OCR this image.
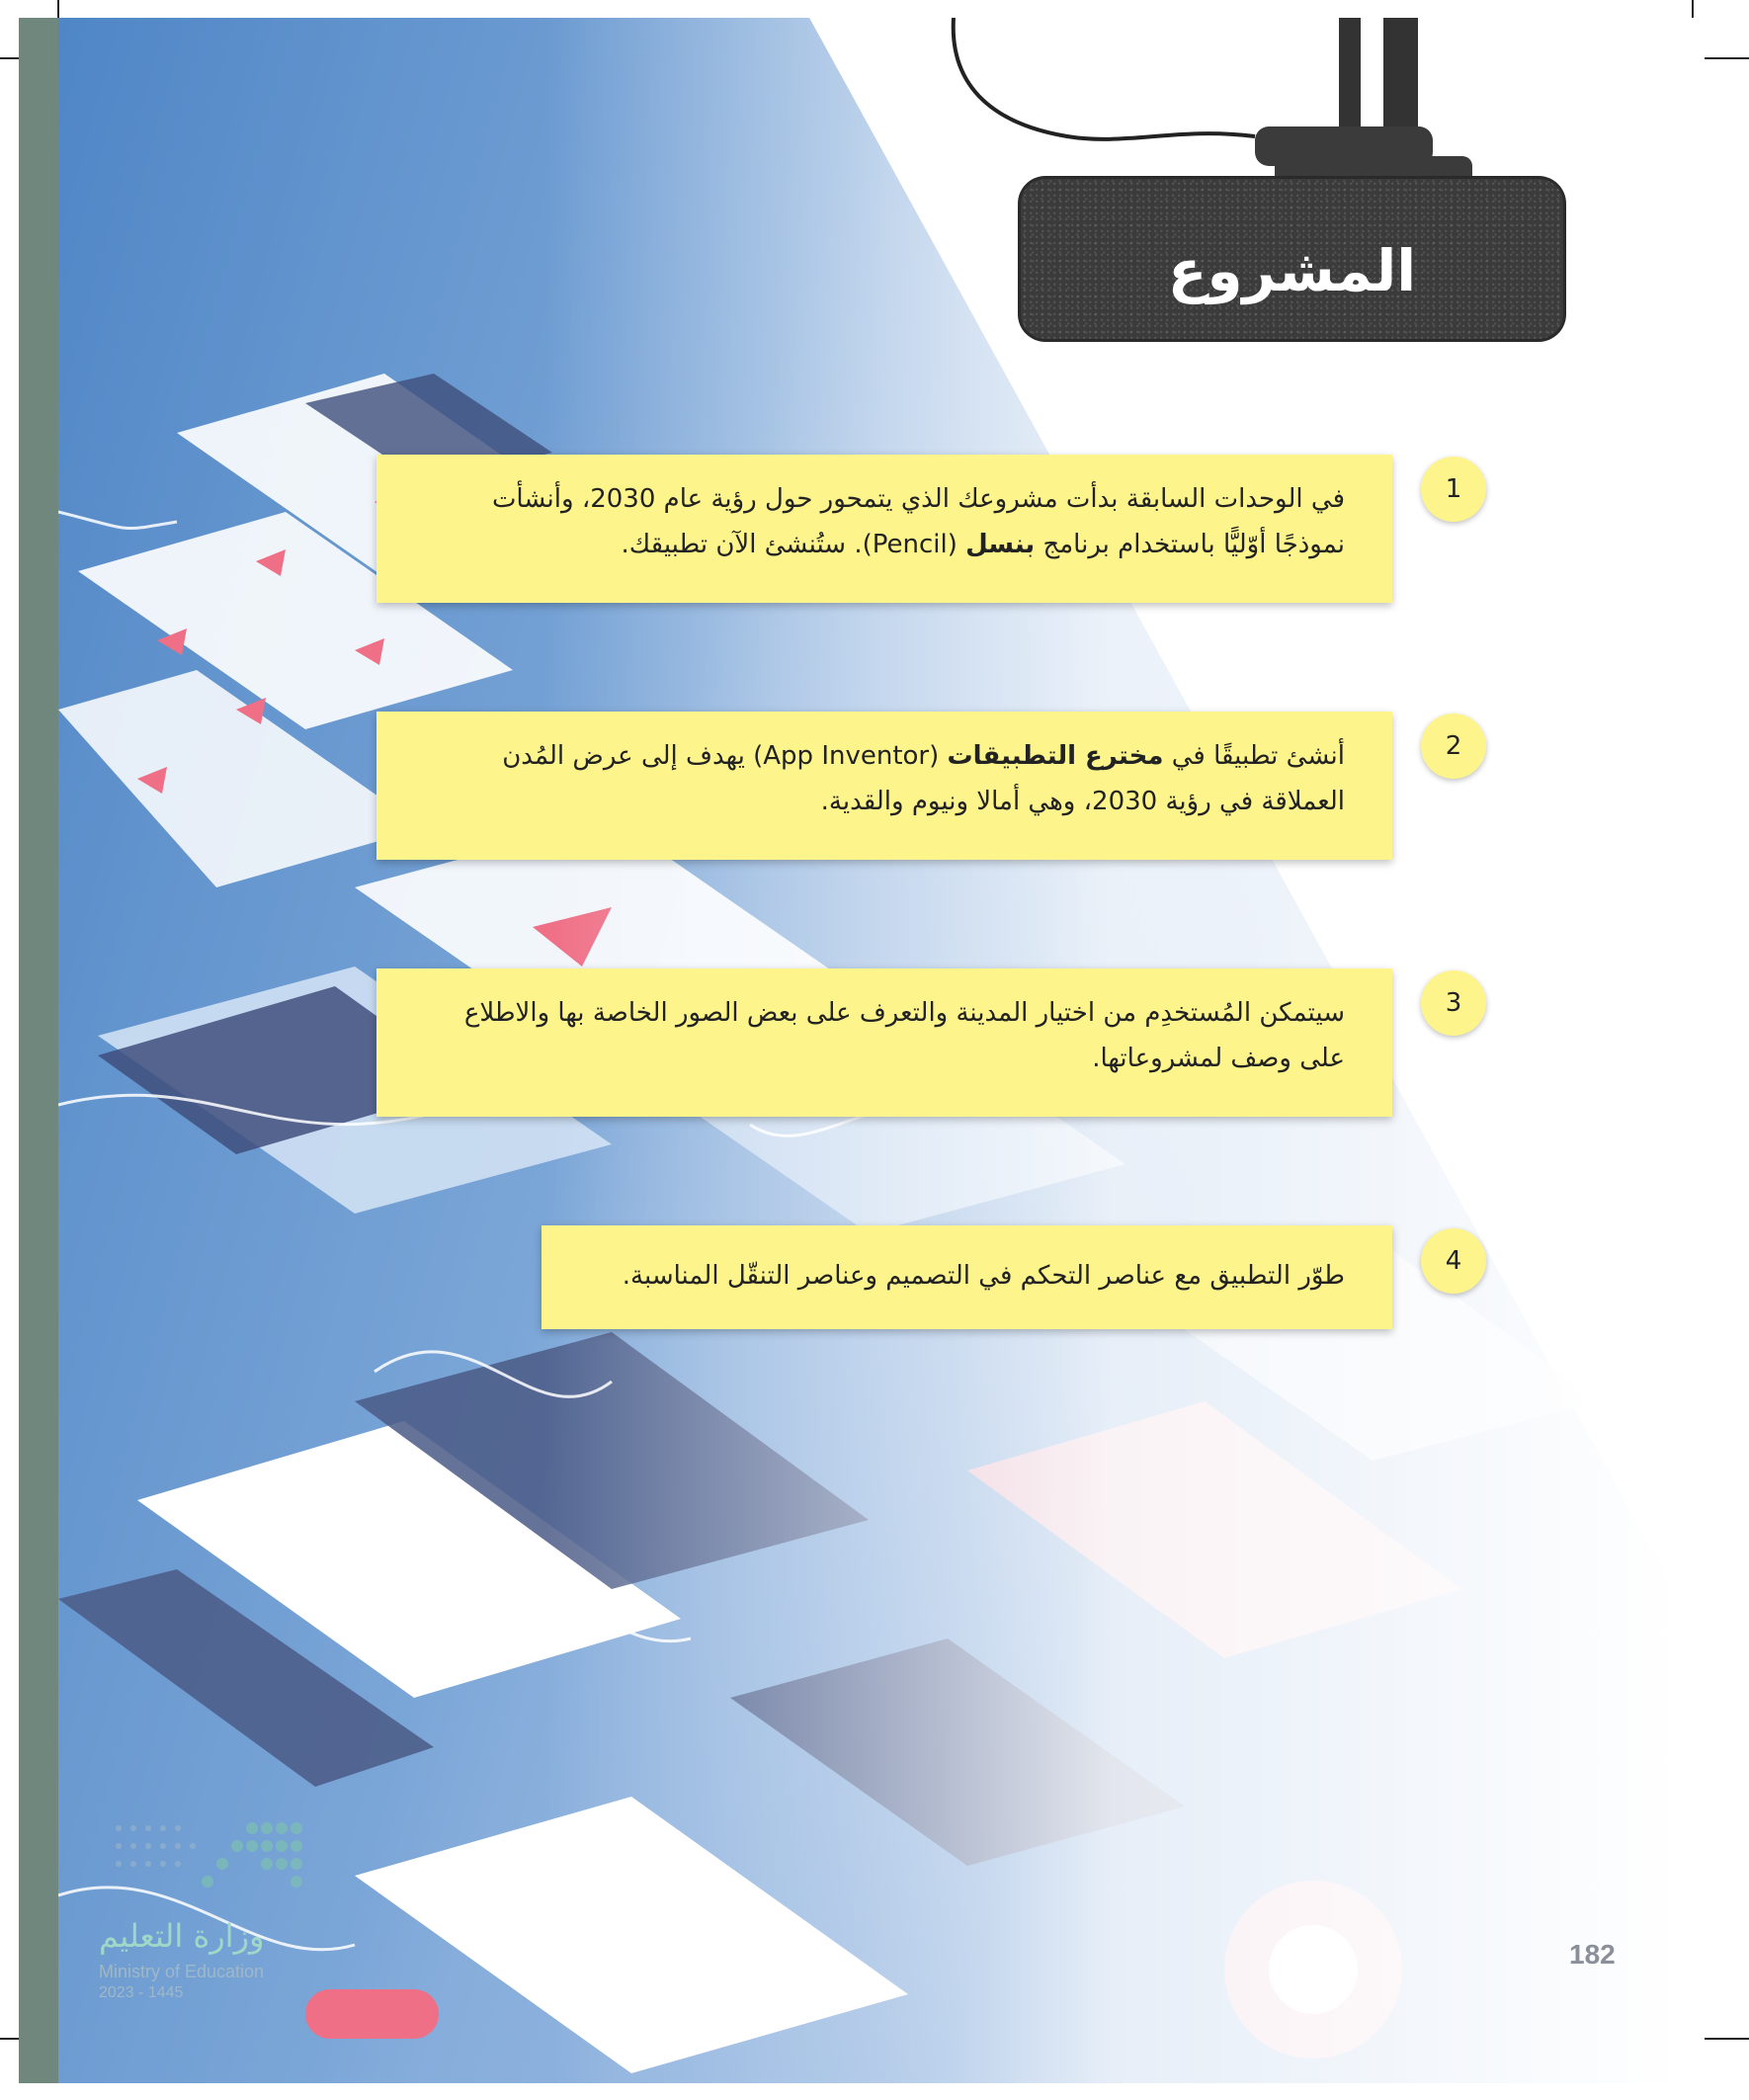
المشروع
1
في الوحدات السابقة بدأت مشروعك الذي يتمحور حول رؤية عام 2030، وأنشأت
نموذجًا أوّليًّا باستخدام برنامج بنسل (Pencil). ستُنشئ الآن تطبيقك.
2
أنشئ تطبيقًا في مخترع التطبيقات (App Inventor) يهدف إلى عرض المُدن
العملاقة في رؤية 2030، وهي أمالا ونيوم والقدية.
3
سيتمكن المُستخدِم من اختيار المدينة والتعرف على بعض الصور الخاصة بها والاطلاع
على وصف لمشروعاتها.
4
طوّر التطبيق مع عناصر التحكم في التصميم وعناصر التنقّل المناسبة.
وزارة التعليم
Ministry of Education
2023 - 1445
182
